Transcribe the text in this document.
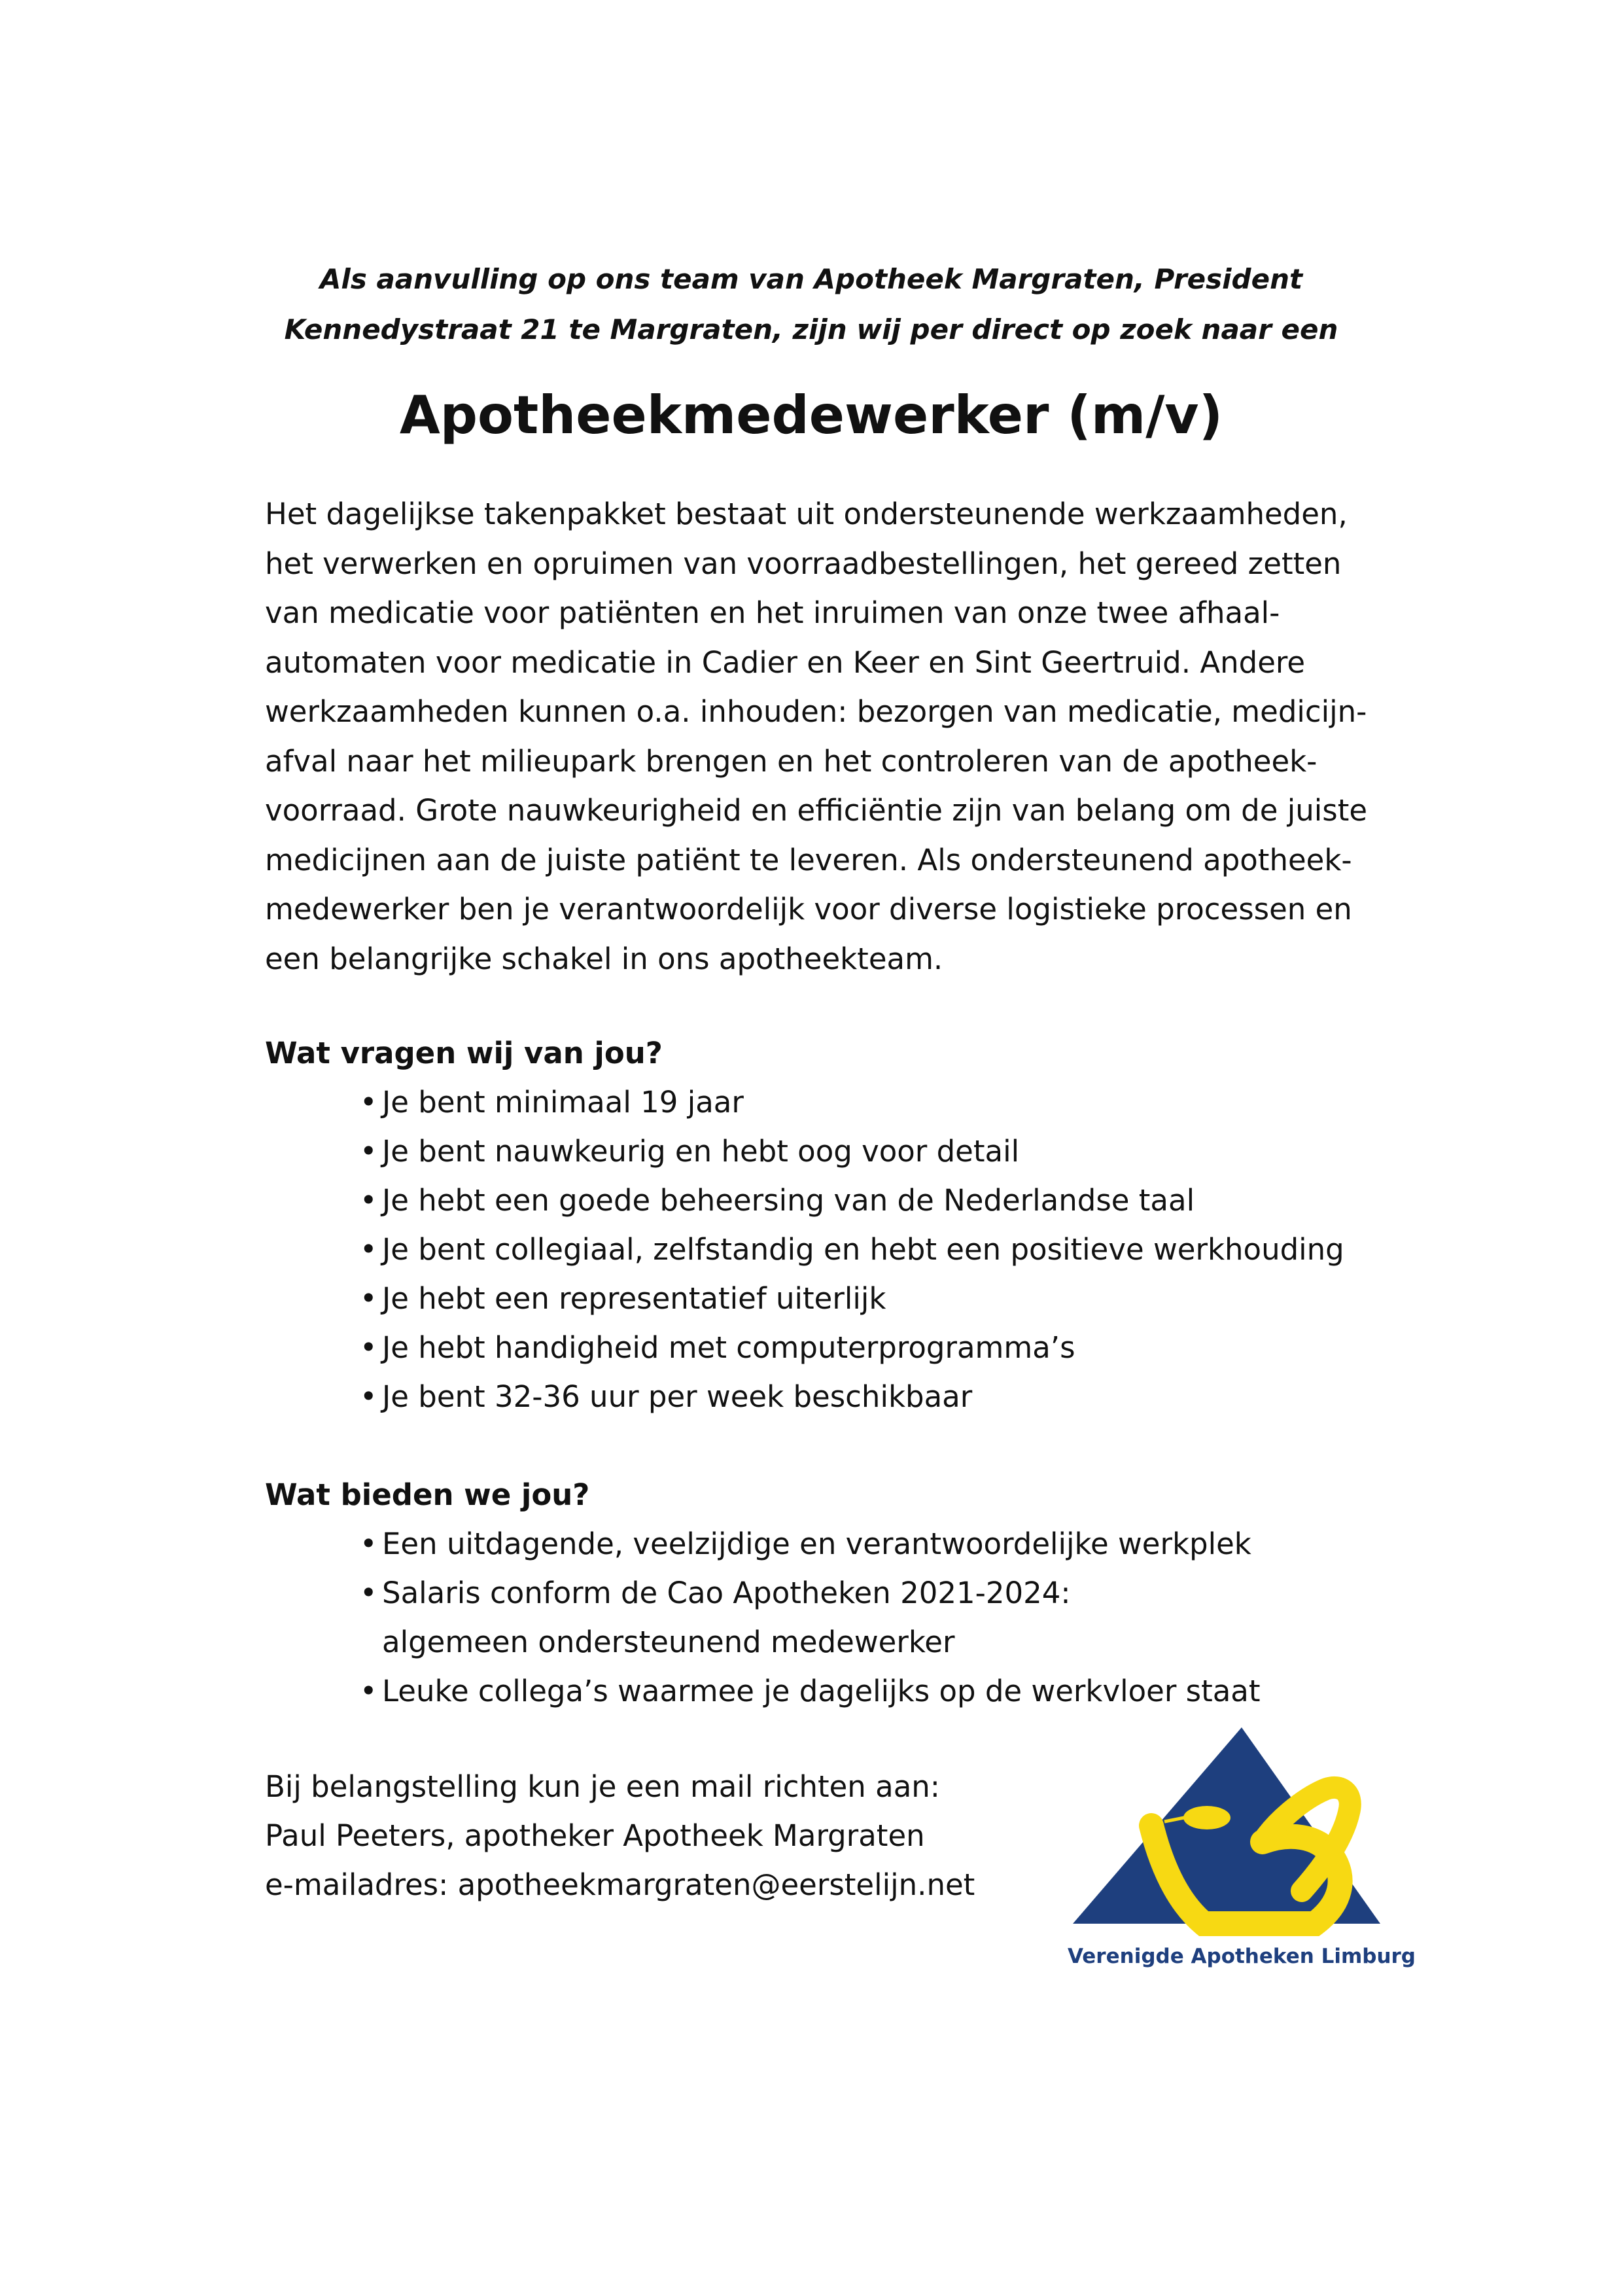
Als aanvulling op ons team van Apotheek Margraten, President
Kennedystraat 21 te Margraten, zijn wij per direct op zoek naar een

Apotheekmedewerker (m/v)

Het dagelijkse takenpakket bestaat uit ondersteunende werkzaamheden,
het verwerken en opruimen van voorraadbestellingen, het gereed zetten
van medicatie voor patiënten en het inruimen van onze twee afhaal-
automaten voor medicatie in Cadier en Keer en Sint Geertruid. Andere
werkzaamheden kunnen o.a. inhouden: bezorgen van medicatie, medicijn-
afval naar het milieupark brengen en het controleren van de apotheek-
voorraad. Grote nauwkeurigheid en efficiëntie zijn van belang om de juiste
medicijnen aan de juiste patiënt te leveren. Als ondersteunend apotheek-
medewerker ben je verantwoordelijk voor diverse logistieke processen en
een belangrijke schakel in ons apotheekteam.

Wat vragen wij van jou?
• Je bent minimaal 19 jaar
• Je bent nauwkeurig en hebt oog voor detail
• Je hebt een goede beheersing van de Nederlandse taal
• Je bent collegiaal, zelfstandig en hebt een positieve werkhouding
• Je hebt een representatief uiterlijk
• Je hebt handigheid met computerprogramma’s
• Je bent 32-36 uur per week beschikbaar
Wat bieden we jou?
• Een uitdagende, veelzijdige en verantwoordelijke werkplek
• Salaris conform de Cao Apotheken 2021-2024:
algemeen ondersteunend medewerker
• Leuke collega’s waarmee je dagelijks op de werkvloer staat

Bij belangstelling kun je een mail richten aan:
Paul Peeters, apotheker Apotheek Margraten
e-mailadres: apotheekmargraten@eerstelijn.net

Verenigde Apotheken Limburg
